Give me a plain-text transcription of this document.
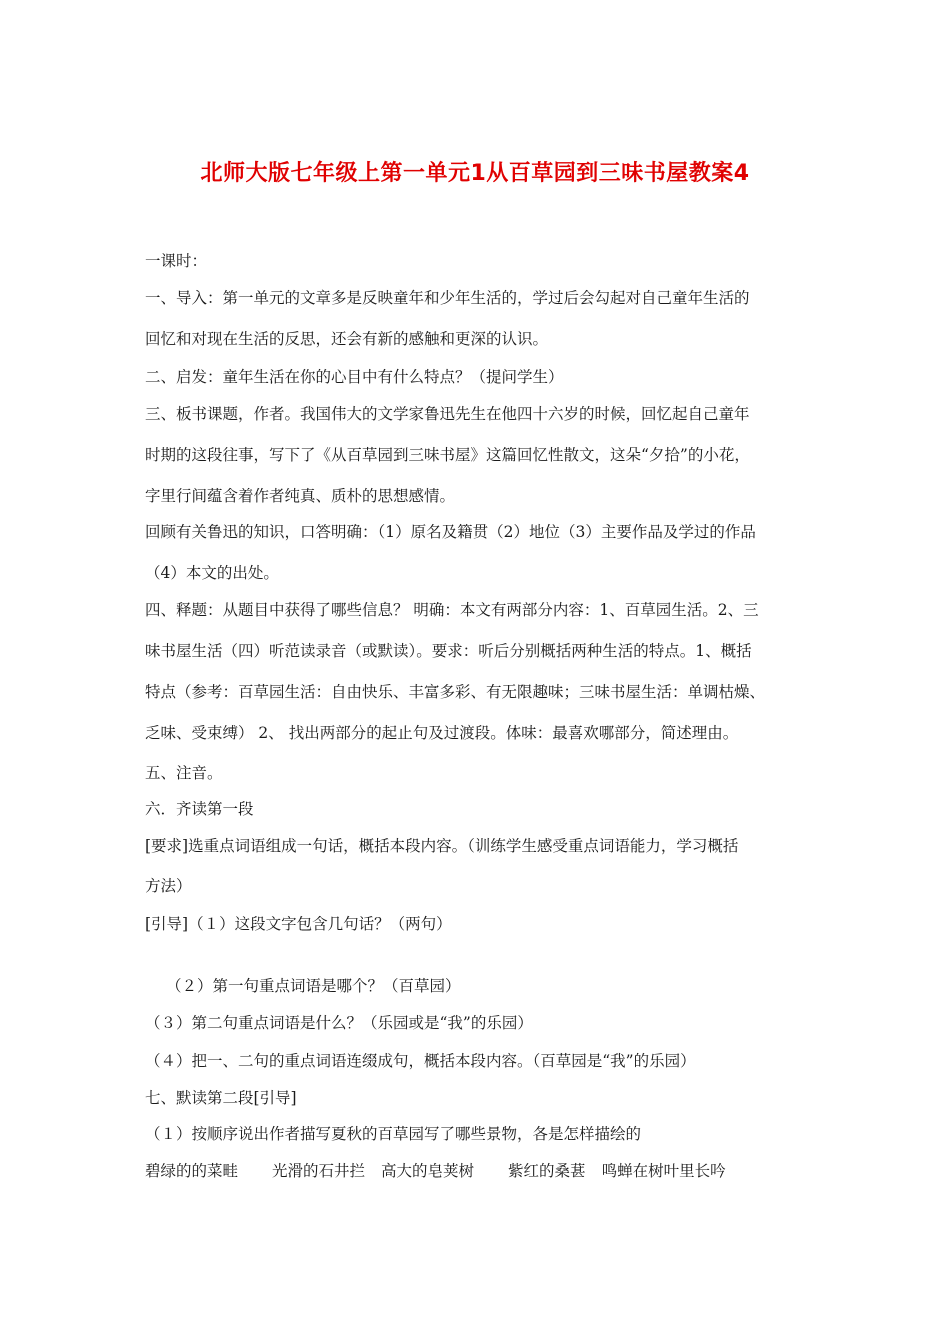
北师大版七年级上第一单元1从百草园到三味书屋教案4
一课时：
一、导入：第一单元的文章多是反映童年和少年生活的，学过后会勾起对自己童年生活的
回忆和对现在生活的反思，还会有新的感触和更深的认识。
二、启发：童年生活在你的心目中有什么特点？（提问学生）
三、板书课题，作者。我国伟大的文学家鲁迅先生在他四十六岁的时候，回忆起自己童年
时期的这段往事，写下了《从百草园到三味书屋》这篇回忆性散文，这朵“夕拾”的小花，
字里行间蕴含着作者纯真、质朴的思想感情。
回顾有关鲁迅的知识，口答明确：（1）原名及籍贯（2）地位（3）主要作品及学过的作品
（4）本文的出处。
四、释题：从题目中获得了哪些信息？ 明确：本文有两部分内容：1、百草园生活。2、三
味书屋生活（四）听范读录音（或默读）。要求：听后分别概括两种生活的特点。1、概括
特点（参考：百草园生活：自由快乐、丰富多彩、有无限趣味；三味书屋生活：单调枯燥、
乏味、受束缚） 2、 找出两部分的起止句及过渡段。体味：最喜欢哪部分，简述理由。
五、注音。
六．齐读第一段
[要求]选重点词语组成一句话，概括本段内容。（训练学生感受重点词语能力，学习概括
方法）
[引导]（１）这段文字包含几句话？（两句）
（２）第一句重点词语是哪个？（百草园）
（３）第二句重点词语是什么？（乐园或是“我”的乐园）
（４）把一、二句的重点词语连缀成句，概括本段内容。（百草园是“我”的乐园）
七、默读第二段[引导]
（１）按顺序说出作者描写夏秋的百草园写了哪些景物，各是怎样描绘的
碧绿的的菜畦 光滑的石井拦 高大的皂荚树 紫红的桑葚 鸣蝉在树叶里长吟
